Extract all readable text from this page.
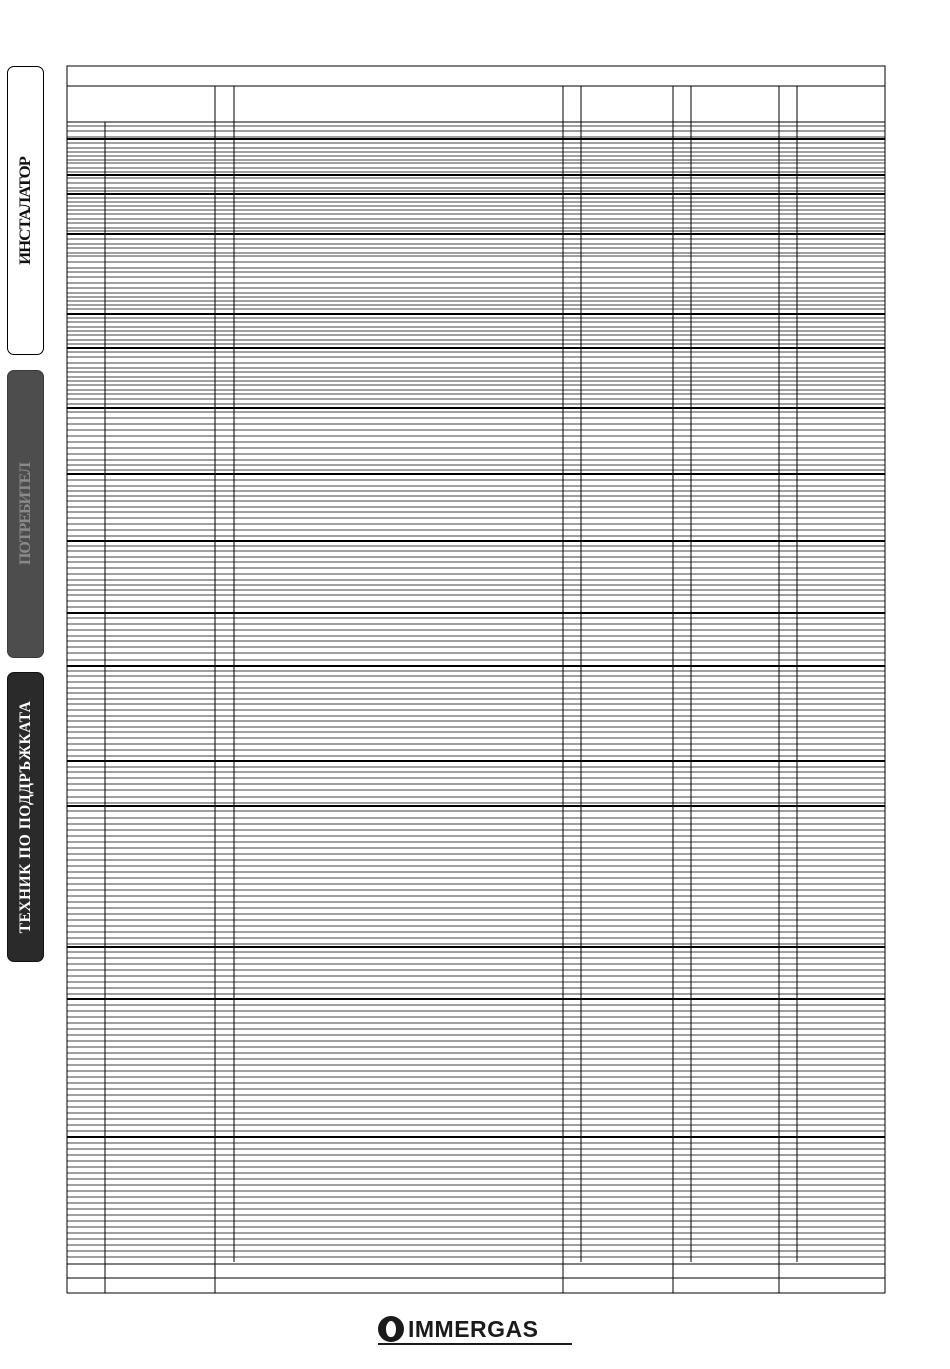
ИНСТАЛАТОР
ПОТРЕБИТЕЛ
ТЕХНИК ПО ПОДДРЪЖКАТА
IMMERGAS
